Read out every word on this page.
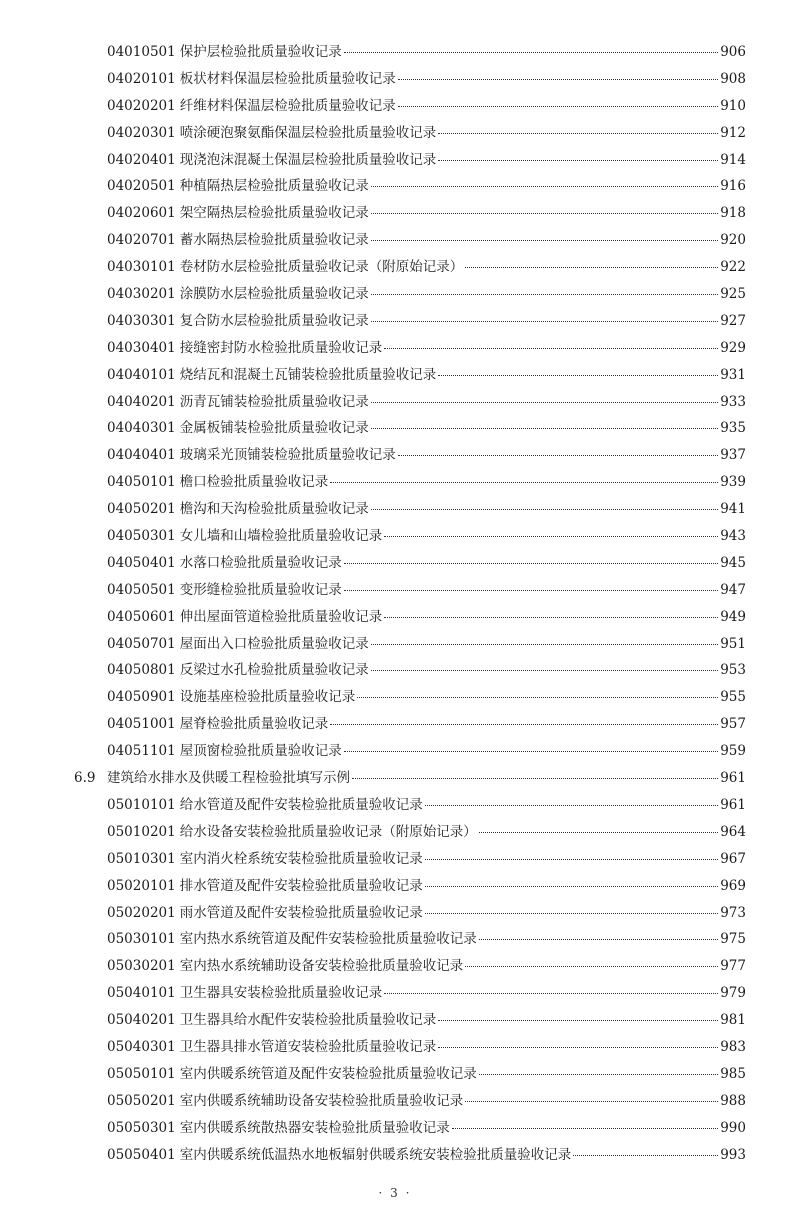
04010501 保护层检验批质量验收记录	906
04020101 板状材料保温层检验批质量验收记录	908
04020201 纤维材料保温层检验批质量验收记录	910
04020301 喷涂硬泡聚氨酯保温层检验批质量验收记录	912
04020401 现浇泡沫混凝土保温层检验批质量验收记录	914
04020501 种植隔热层检验批质量验收记录	916
04020601 架空隔热层检验批质量验收记录	918
04020701 蓄水隔热层检验批质量验收记录	920
04030101 卷材防水层检验批质量验收记录（附原始记录）	922
04030201 涂膜防水层检验批质量验收记录	925
04030301 复合防水层检验批质量验收记录	927
04030401 接缝密封防水检验批质量验收记录	929
04040101 烧结瓦和混凝土瓦铺装检验批质量验收记录	931
04040201 沥青瓦铺装检验批质量验收记录	933
04040301 金属板铺装检验批质量验收记录	935
04040401 玻璃采光顶铺装检验批质量验收记录	937
04050101 檐口检验批质量验收记录	939
04050201 檐沟和天沟检验批质量验收记录	941
04050301 女儿墙和山墙检验批质量验收记录	943
04050401 水落口检验批质量验收记录	945
04050501 变形缝检验批质量验收记录	947
04050601 伸出屋面管道检验批质量验收记录	949
04050701 屋面出入口检验批质量验收记录	951
04050801 反梁过水孔检验批质量验收记录	953
04050901 设施基座检验批质量验收记录	955
04051001 屋脊检验批质量验收记录	957
04051101 屋顶窗检验批质量验收记录	959
6.9 建筑给水排水及供暖工程检验批填写示例	961
05010101 给水管道及配件安装检验批质量验收记录	961
05010201 给水设备安装检验批质量验收记录（附原始记录）	964
05010301 室内消火栓系统安装检验批质量验收记录	967
05020101 排水管道及配件安装检验批质量验收记录	969
05020201 雨水管道及配件安装检验批质量验收记录	973
05030101 室内热水系统管道及配件安装检验批质量验收记录	975
05030201 室内热水系统辅助设备安装检验批质量验收记录	977
05040101 卫生器具安装检验批质量验收记录	979
05040201 卫生器具给水配件安装检验批质量验收记录	981
05040301 卫生器具排水管道安装检验批质量验收记录	983
05050101 室内供暖系统管道及配件安装检验批质量验收记录	985
05050201 室内供暖系统辅助设备安装检验批质量验收记录	988
05050301 室内供暖系统散热器安装检验批质量验收记录	990
05050401 室内供暖系统低温热水地板辐射供暖系统安装检验批质量验收记录	993
· 3 ·
